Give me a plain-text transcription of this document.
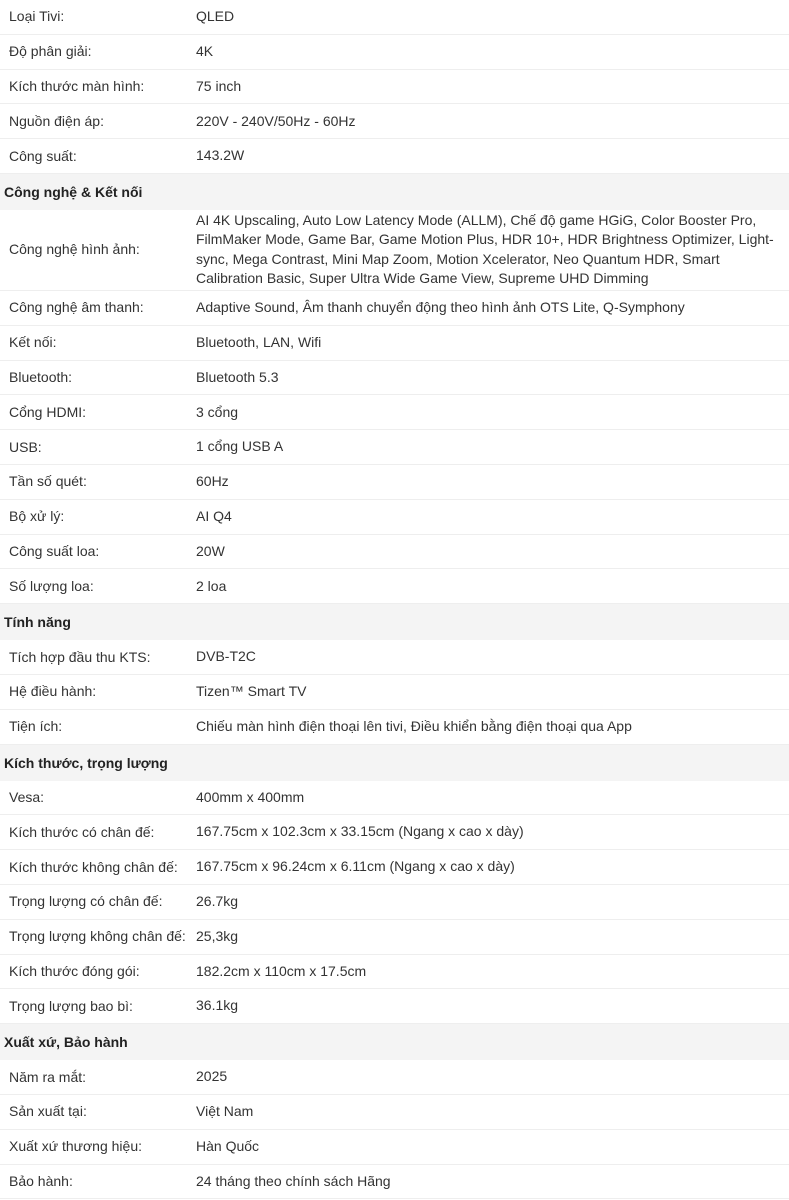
Loại Tivi:	QLED
Độ phân giải:	4K
Kích thước màn hình:	75 inch
Nguồn điện áp:	220V - 240V/50Hz - 60Hz
Công suất:	143.2W
Công nghệ & Kết nối
Công nghệ hình ảnh:
AI 4K Upscaling, Auto Low Latency Mode (ALLM), Chế độ game HGiG, Color Booster Pro, FilmMaker Mode, Game Bar, Game Motion Plus, HDR 10+, HDR Brightness Optimizer, Light-sync, Mega Contrast, Mini Map Zoom, Motion Xcelerator, Neo Quantum HDR, Smart Calibration Basic, Super Ultra Wide Game View, Supreme UHD Dimming
Công nghệ âm thanh:	Adaptive Sound, Âm thanh chuyển động theo hình ảnh OTS Lite, Q-Symphony
Kết nối:	Bluetooth, LAN, Wifi
Bluetooth:	Bluetooth 5.3
Cổng HDMI:	3 cổng
USB:	1 cổng USB A
Tần số quét:	60Hz
Bộ xử lý:	AI Q4
Công suất loa:	20W
Số lượng loa:	2 loa
Tính năng
Tích hợp đầu thu KTS:	DVB-T2C
Hệ điều hành:	Tizen™ Smart TV
Tiện ích:	Chiếu màn hình điện thoại lên tivi, Điều khiển bằng điện thoại qua App
Kích thước, trọng lượng
Vesa:	400mm x 400mm
Kích thước có chân đế:	167.75cm x 102.3cm x 33.15cm (Ngang x cao x dày)
Kích thước không chân đế:	167.75cm x 96.24cm x 6.11cm (Ngang x cao x dày)
Trọng lượng có chân đế:	26.7kg
Trọng lượng không chân đế: 25,3kg
Kích thước đóng gói:	182.2cm x 110cm x 17.5cm
Trọng lượng bao bì:	36.1kg
Xuất xứ, Bảo hành
Năm ra mắt:	2025
Sản xuất tại:	Việt Nam
Xuất xứ thương hiệu:	Hàn Quốc
Bảo hành:	24 tháng theo chính sách Hãng
